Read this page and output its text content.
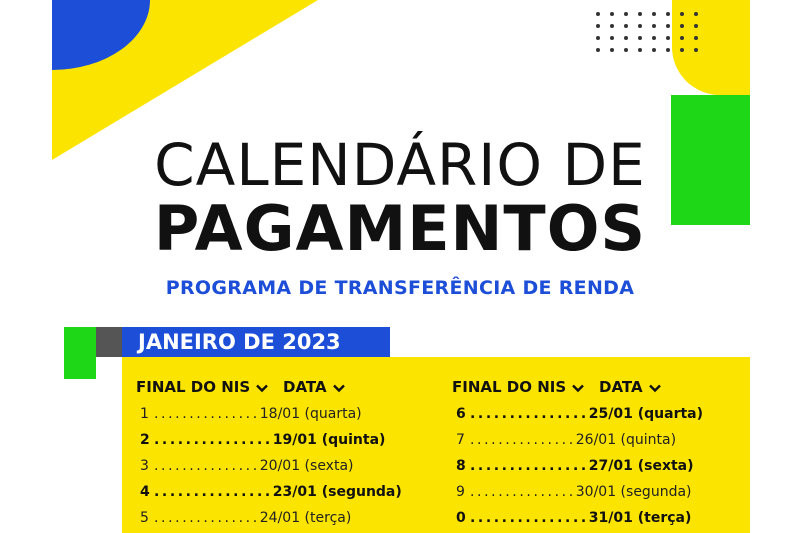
CALENDÁRIO DE
PAGAMENTOS
PROGRAMA DE TRANSFERÊNCIA DE RENDA
JANEIRO DE 2023
FINAL DO NIS	DATA	FINAL DO NIS	DATA
1 ...............18/01 (quarta)
2 ...............19/01 (quinta)
3 ...............20/01 (sexta)
4 ...............23/01 (segunda)
5 ...............24/01 (terça)
6 ...............25/01 (quarta)
7 ...............26/01 (quinta)
8 ...............27/01 (sexta)
9 ...............30/01 (segunda)
0 ...............31/01 (terça)
